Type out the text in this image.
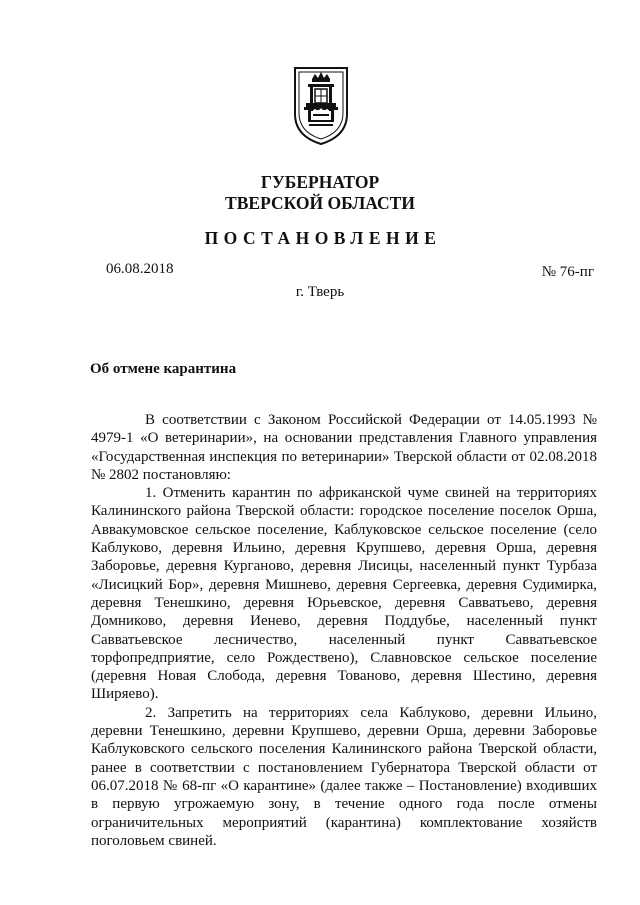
ГУБЕРНАТОР
ТВЕРСКОЙ ОБЛАСТИ
ПОСТАНОВЛЕНИЕ
06.08.2018	№ 76-пг
г. Тверь
Об отмене карантина

В соответствии с Законом Российской Федерации от 14.05.1993 № 4979-1 «О ветеринарии», на основании представления Главного управления «Государственная инспекция по ветеринарии» Тверской области от 02.08.2018 № 2802 постановляю:

1. Отменить карантин по африканской чуме свиней на территориях Калининского района Тверской области: городское поселение поселок Орша, Аввакумовское сельское поселение, Каблуковское сельское поселение (село Каблуково, деревня Ильино, деревня Крупшево, деревня Орша, деревня Заборовье, деревня Курганово, деревня Лисицы, населенный пункт Турбаза «Лисицкий Бор», деревня Мишнево, деревня Сергеевка, деревня Судимирка, деревня Тенешкино, деревня Юрьевское, деревня Савватьево, деревня Домниково, деревня Иенево, деревня Поддубье, населенный пункт Савватьевское лесничество, населенный пункт Савватьевское торфопредприятие, село Рождествено), Славновское сельское поселение (деревня Новая Слобода, деревня Тованово, деревня Шестино, деревня Ширяево).

2. Запретить на территориях села Каблуково, деревни Ильино, деревни Тенешкино, деревни Крупшево, деревни Орша, деревни Заборовье Каблуковского сельского поселения Калининского района Тверской области, ранее в соответствии с постановлением Губернатора Тверской области от 06.07.2018 № 68-пг «О карантине» (далее также – Постановление) входивших в первую угрожаемую зону, в течение одного года после отмены ограничительных мероприятий (карантина) комплектование хозяйств поголовьем свиней.
